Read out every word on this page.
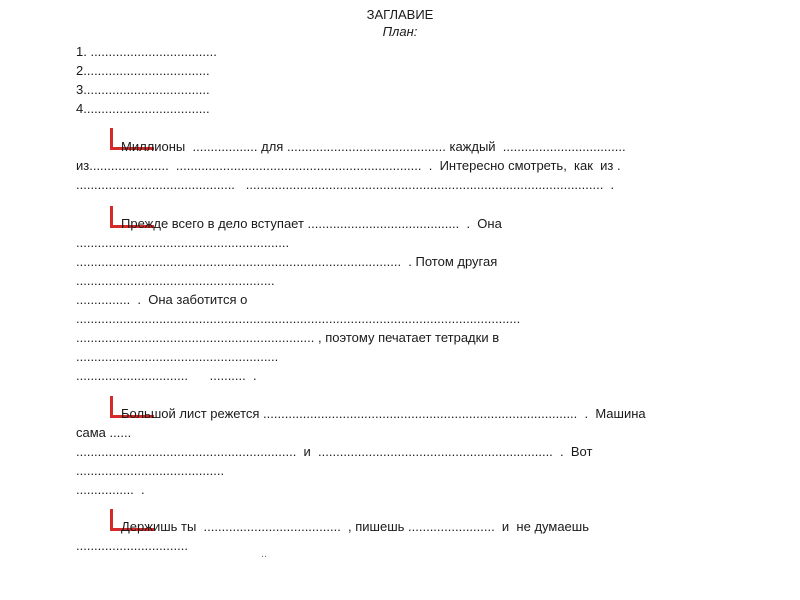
ЗАГЛАВИЕ
План:
1. ...................................
2...................................
3...................................
4...................................
Миллионы  .................. для ............................................ каждый  ..................................
из......................  ....................................................................  .  Интересно смотреть,  как  из .
............................................   ...................................................................................................  .
Прежде всего в дело вступает ..........................................  .  Она
...........................................................
..........................................................................................  . Потом другая
.......................................................
...............  .  Она заботится о
...........................................................................................................................
.................................................................. , поэтому печатает тетрадки в
........................................................
...............................      ..........  .
Большой лист режется .......................................................................................  .  Машина
сама ......
.............................................................  и  .................................................................  .  Вот
.........................................
................  .
Держишь ты  ......................................  , пишешь ........................  и  не думаешь
...............................
..
